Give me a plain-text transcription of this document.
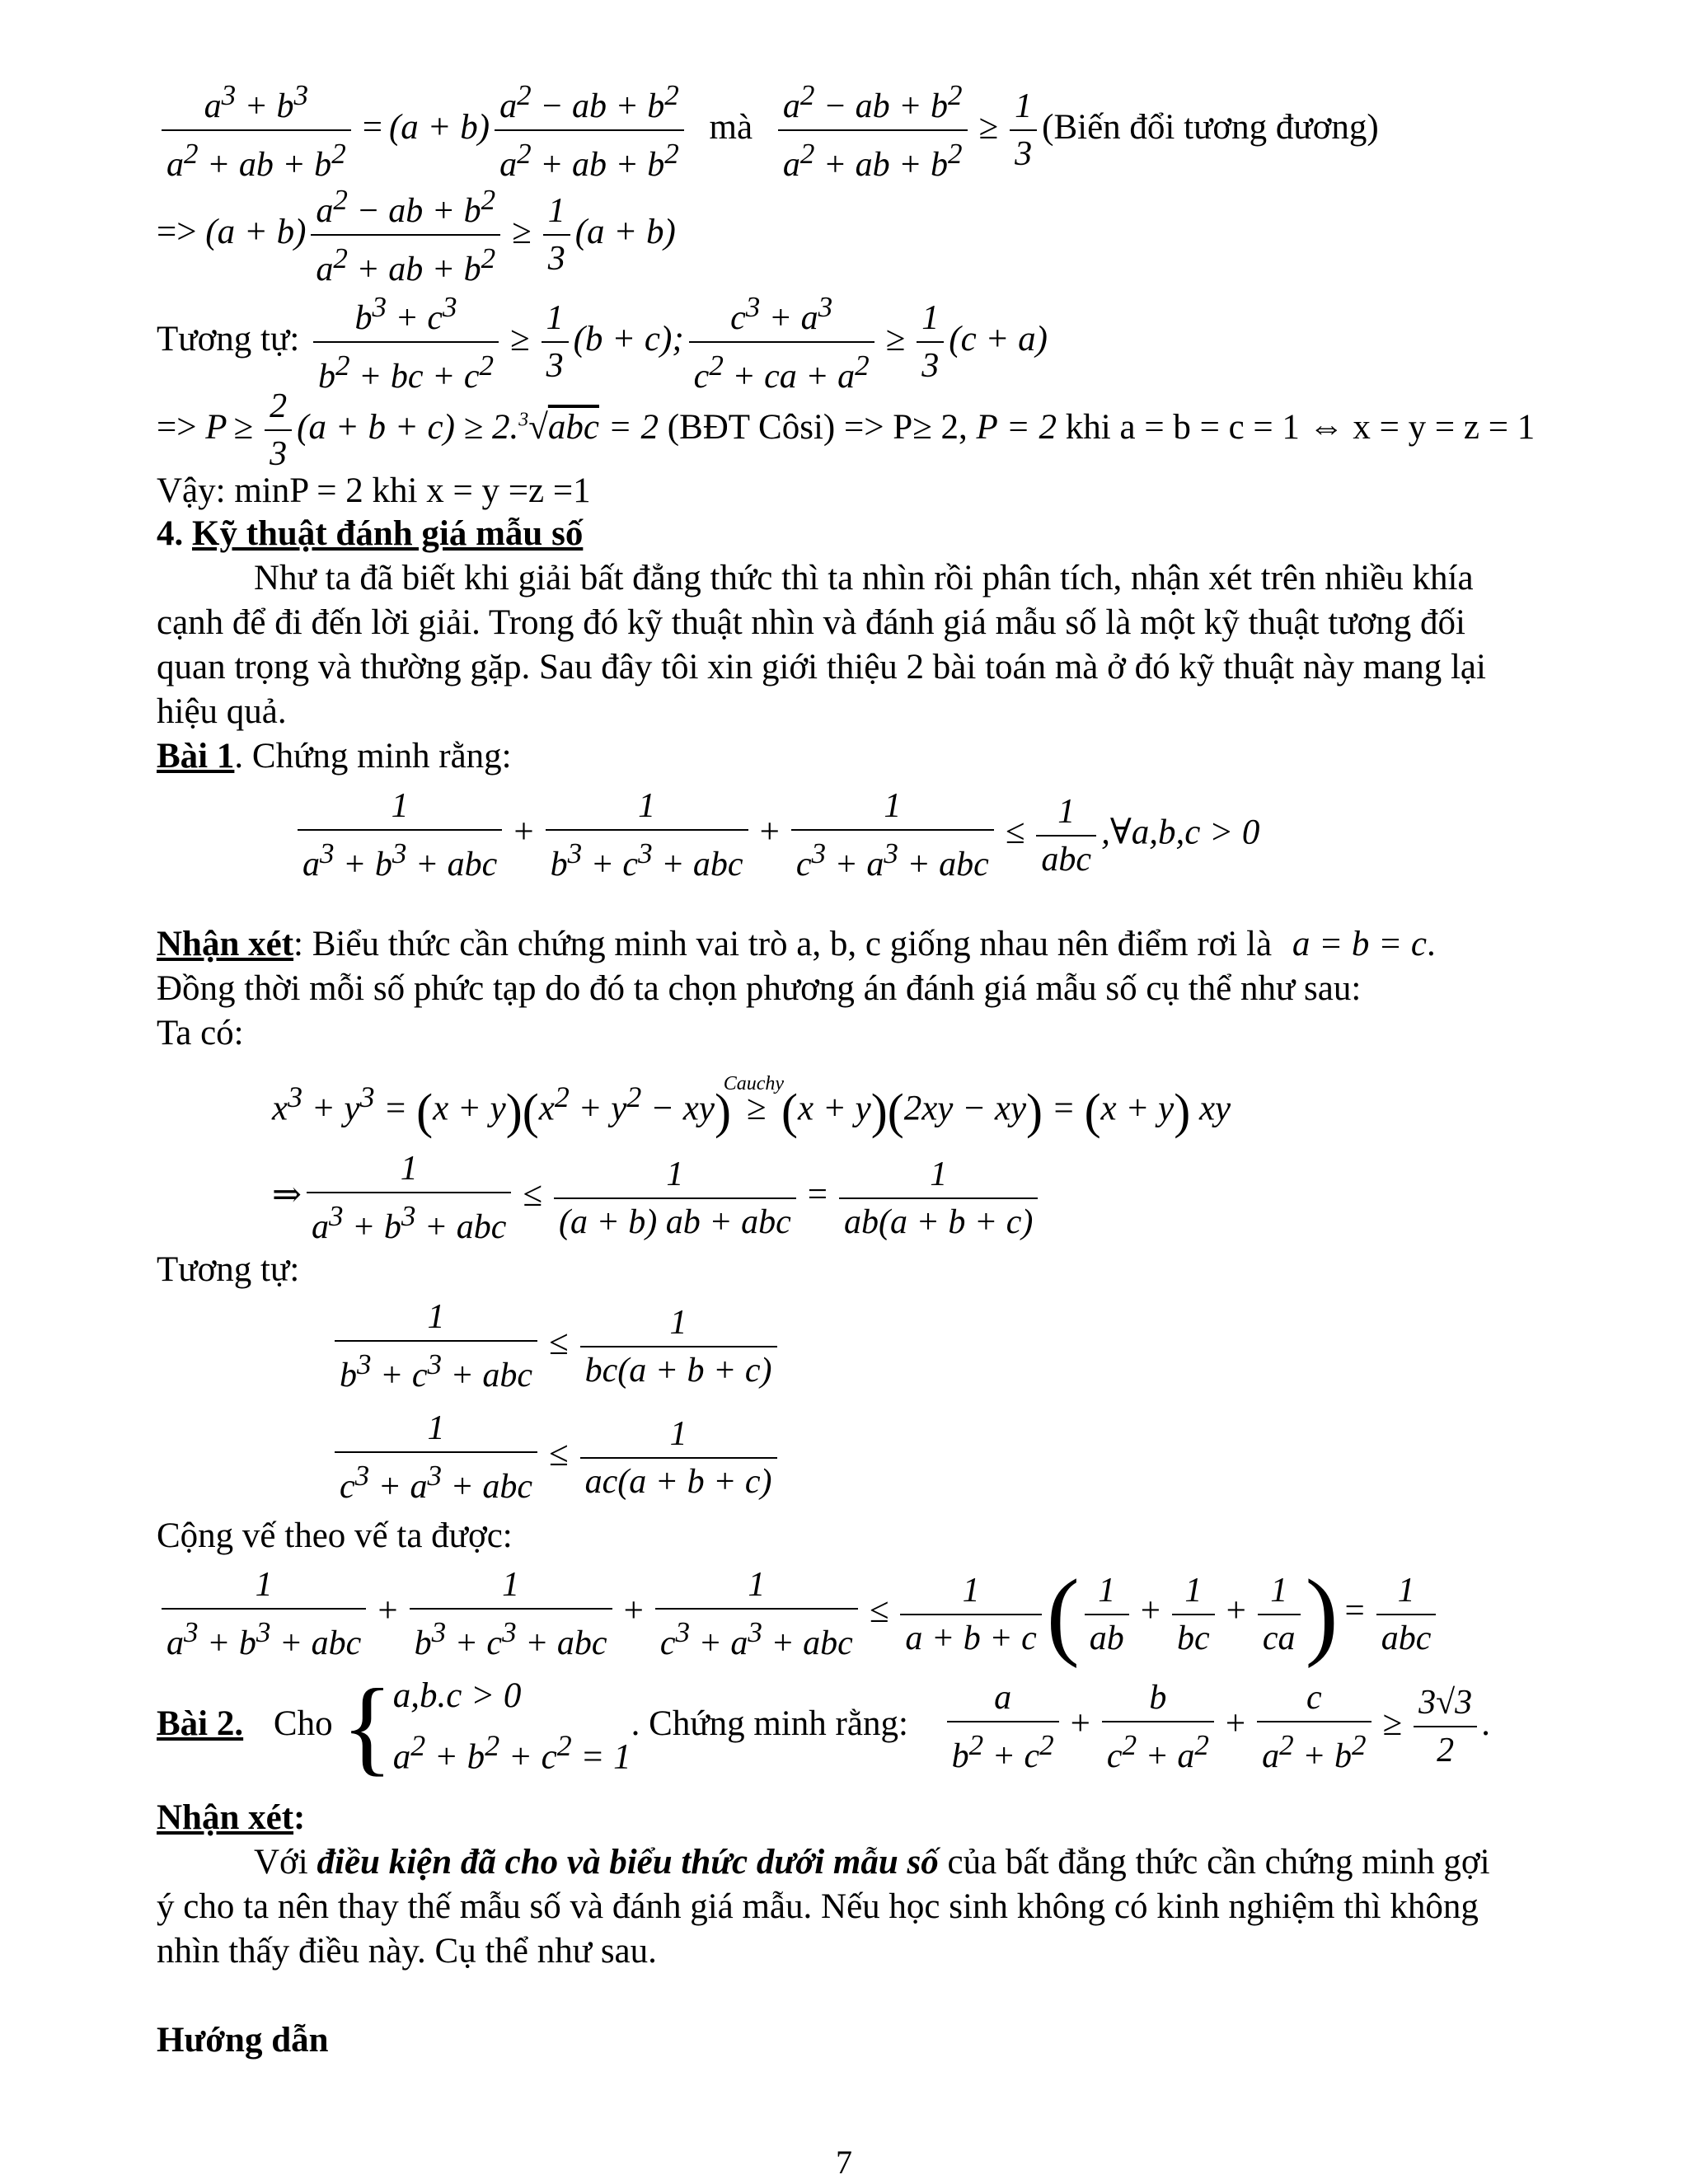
$\frac{a^3 + b^3}{a^2 + ab + b^2} = (a + b) \frac{a^2 - ab + b^2}{a^2 + ab + b^2}$ mà $\frac{a^2 - ab + b^2}{a^2 + ab + b^2} \ge \frac{1}{3}$ (Biến đổi tương đương)
=> $(a + b) \frac{a^2 - ab + b^2}{a^2 + ab + b^2} \ge \frac{1}{3} (a + b)$
Tương tự: $\frac{b^3 + c^3}{b^2 + bc + c^2} \ge \frac{1}{3} (b + c)$; $\frac{c^3 + a^3}{c^2 + ca + a^2} \ge \frac{1}{3} (c + a)$
=> $P \ge \frac{2}{3} (a + b + c) \ge 2.^3√abc = 2$ (BĐT Côsi) => P≥ 2, P = 2 khi a = b = c = 1 ⇔ x = y = z = 1
Vậy: minP = 2 khi x = y =z =1
4. Kỹ thuật đánh giá mẫu số
Như ta đã biết khi giải bất đẳng thức thì ta nhìn rồi phân tích, nhận xét trên nhiều khía
cạnh để đi đến lời giải. Trong đó kỹ thuật nhìn và đánh giá mẫu số là một kỹ thuật tương đối
quan trọng và thường gặp. Sau đây tôi xin giới thiệu 2 bài toán mà ở đó kỹ thuật này mang lại
hiệu quả.
Bài 1. Chứng minh rằng:
$\frac{1}{a^3 + b^3 + abc} + \frac{1}{b^3 + c^3 + abc} + \frac{1}{c^3 + a^3 + abc} \le \frac{1}{\text{abc}}$ ,∀a,b,c > 0
Nhận xét: Biểu thức cần chứng minh vai trò a, b, c giống nhau nên điểm rơi là a = b = c.
Đồng thời mỗi số phức tạp do đó ta chọn phương án đánh giá mẫu số cụ thể như sau:
Ta có:
$x^3 + y^3 = (x + y)(x^2 + y^2 - xy)$
Cauchy
≥ (x + y)(2xy − xy) = (x + y) xy
⇒ $\frac{1}{a^3 + b^3 + abc} \le \frac{1}{\text{(a + b) ab + abc}} = \frac{1}{ab(a + b + c)}$
Tương tự:
$\frac{1}{b^3 + c^3 + abc} \le \frac{1}{bc(a + b + c)}$
$\frac{1}{c^3 + a^3 + abc} \le \frac{1}{ac(a + b + c)}$
Cộng vế theo vế ta được:
$\frac{1}{a^3 + b^3 + abc} + \frac{1}{b^3 + c^3 + abc} + \frac{1}{c^3 + a^3 + abc} \le \frac{1}{a + b + c}$ ( $\frac{1}{ab} + \frac{1}{bc} + \frac{1}{ca}$ ) = $\frac{1}{\text{abc}}$
Bài 2. Cho { a,b.c > 0
$a^2 + b^2 + c^2 = 1$
. Chứng minh rằng: $\frac{a}{b^2 + c^2} + \frac{b}{c^2 + a^2} + \frac{c}{a^2 + b^2} \ge \frac{3√3}{2}$ .
Nhận xét:
Với điều kiện đã cho và biểu thức dưới mẫu số của bất đẳng thức cần chứng minh gợi
ý cho ta nên thay thế mẫu số và đánh giá mẫu. Nếu học sinh không có kinh nghiệm thì không
nhìn thấy điều này. Cụ thể như sau.
Hướng dẫn
7
